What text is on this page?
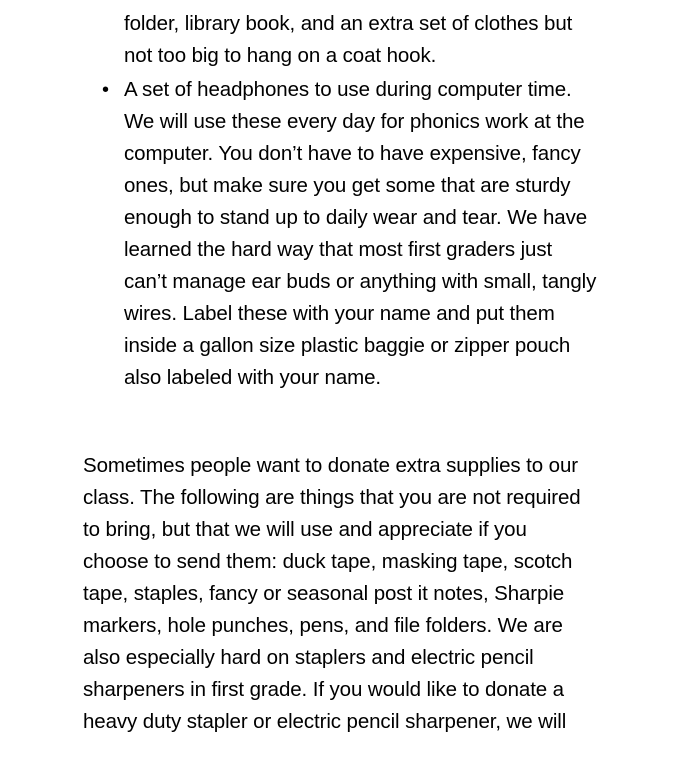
folder, library book, and an extra set of clothes but
not too big to hang on a coat hook.
• A set of headphones to use during computer time.
We will use these every day for phonics work at the
computer. You don’t have to have expensive, fancy
ones, but make sure you get some that are sturdy
enough to stand up to daily wear and tear. We have
learned the hard way that most first graders just
can’t manage ear buds or anything with small, tangly
wires. Label these with your name and put them
inside a gallon size plastic baggie or zipper pouch
also labeled with your name.
Sometimes people want to donate extra supplies to our
class. The following are things that you are not required
to bring, but that we will use and appreciate if you
choose to send them: duck tape, masking tape, scotch
tape, staples, fancy or seasonal post it notes, Sharpie
markers, hole punches, pens, and file folders. We are
also especially hard on staplers and electric pencil
sharpeners in first grade. If you would like to donate a
heavy duty stapler or electric pencil sharpener, we will
